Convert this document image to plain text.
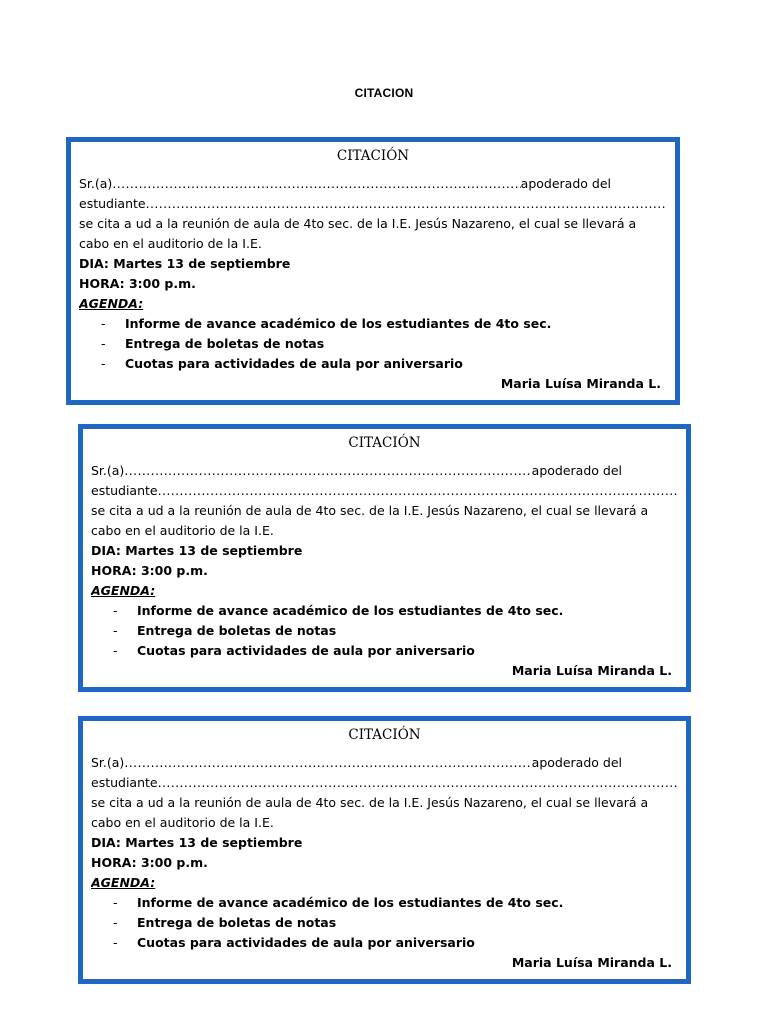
CITACION
CITACIÓN
Sr.(a) .....	apoderado del
estudiante
.....
se cita a ud a la reunión de aula de 4to sec. de la I.E. Jesús Nazareno, el cual se llevará a
cabo en el auditorio de la I.E.
DIA: Martes 13 de septiembre
HORA: 3:00 p.m.
AGENDA:
-	Informe de avance académico de los estudiantes de 4to sec.
-	Entrega de boletas de notas
-	Cuotas para actividades de aula por aniversario
Maria Luísa Miranda L.
CITACIÓN
Sr.(a) .....	apoderado del
estudiante
.....
se cita a ud a la reunión de aula de 4to sec. de la I.E. Jesús Nazareno, el cual se llevará a
cabo en el auditorio de la I.E.
DIA: Martes 13 de septiembre
HORA: 3:00 p.m.
AGENDA:
-	Informe de avance académico de los estudiantes de 4to sec.
-	Entrega de boletas de notas
-	Cuotas para actividades de aula por aniversario
Maria Luísa Miranda L.
CITACIÓN
Sr.(a) .....	apoderado del
estudiante
.....
se cita a ud a la reunión de aula de 4to sec. de la I.E. Jesús Nazareno, el cual se llevará a
cabo en el auditorio de la I.E.
DIA: Martes 13 de septiembre
HORA: 3:00 p.m.
AGENDA:
-	Informe de avance académico de los estudiantes de 4to sec.
-	Entrega de boletas de notas
-	Cuotas para actividades de aula por aniversario
Maria Luísa Miranda L.
